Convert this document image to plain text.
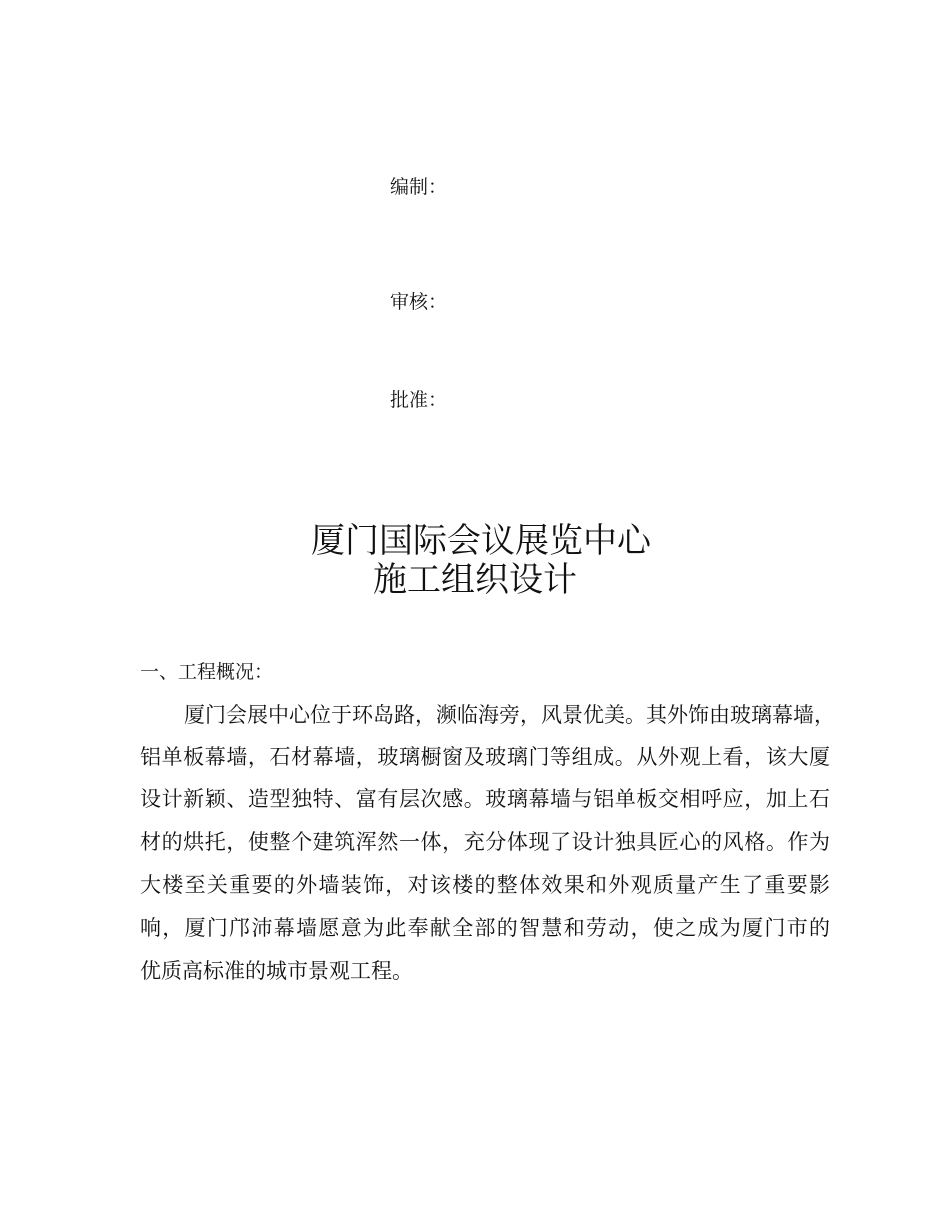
编制：
审核：
批准：
厦门国际会议展览中心
施工组织设计
一、工程概况：
厦门会展中心位于环岛路，濒临海旁，风景优美。其外饰由玻璃幕墙，
铝单板幕墙，石材幕墙，玻璃橱窗及玻璃门等组成。从外观上看，该大厦
设计新颖、造型独特、富有层次感。玻璃幕墙与铝单板交相呼应，加上石
材的烘托，使整个建筑浑然一体，充分体现了设计独具匠心的风格。作为
大楼至关重要的外墙装饰，对该楼的整体效果和外观质量产生了重要影
响，厦门邝沛幕墙愿意为此奉献全部的智慧和劳动，使之成为厦门市的
优质高标准的城市景观工程。
